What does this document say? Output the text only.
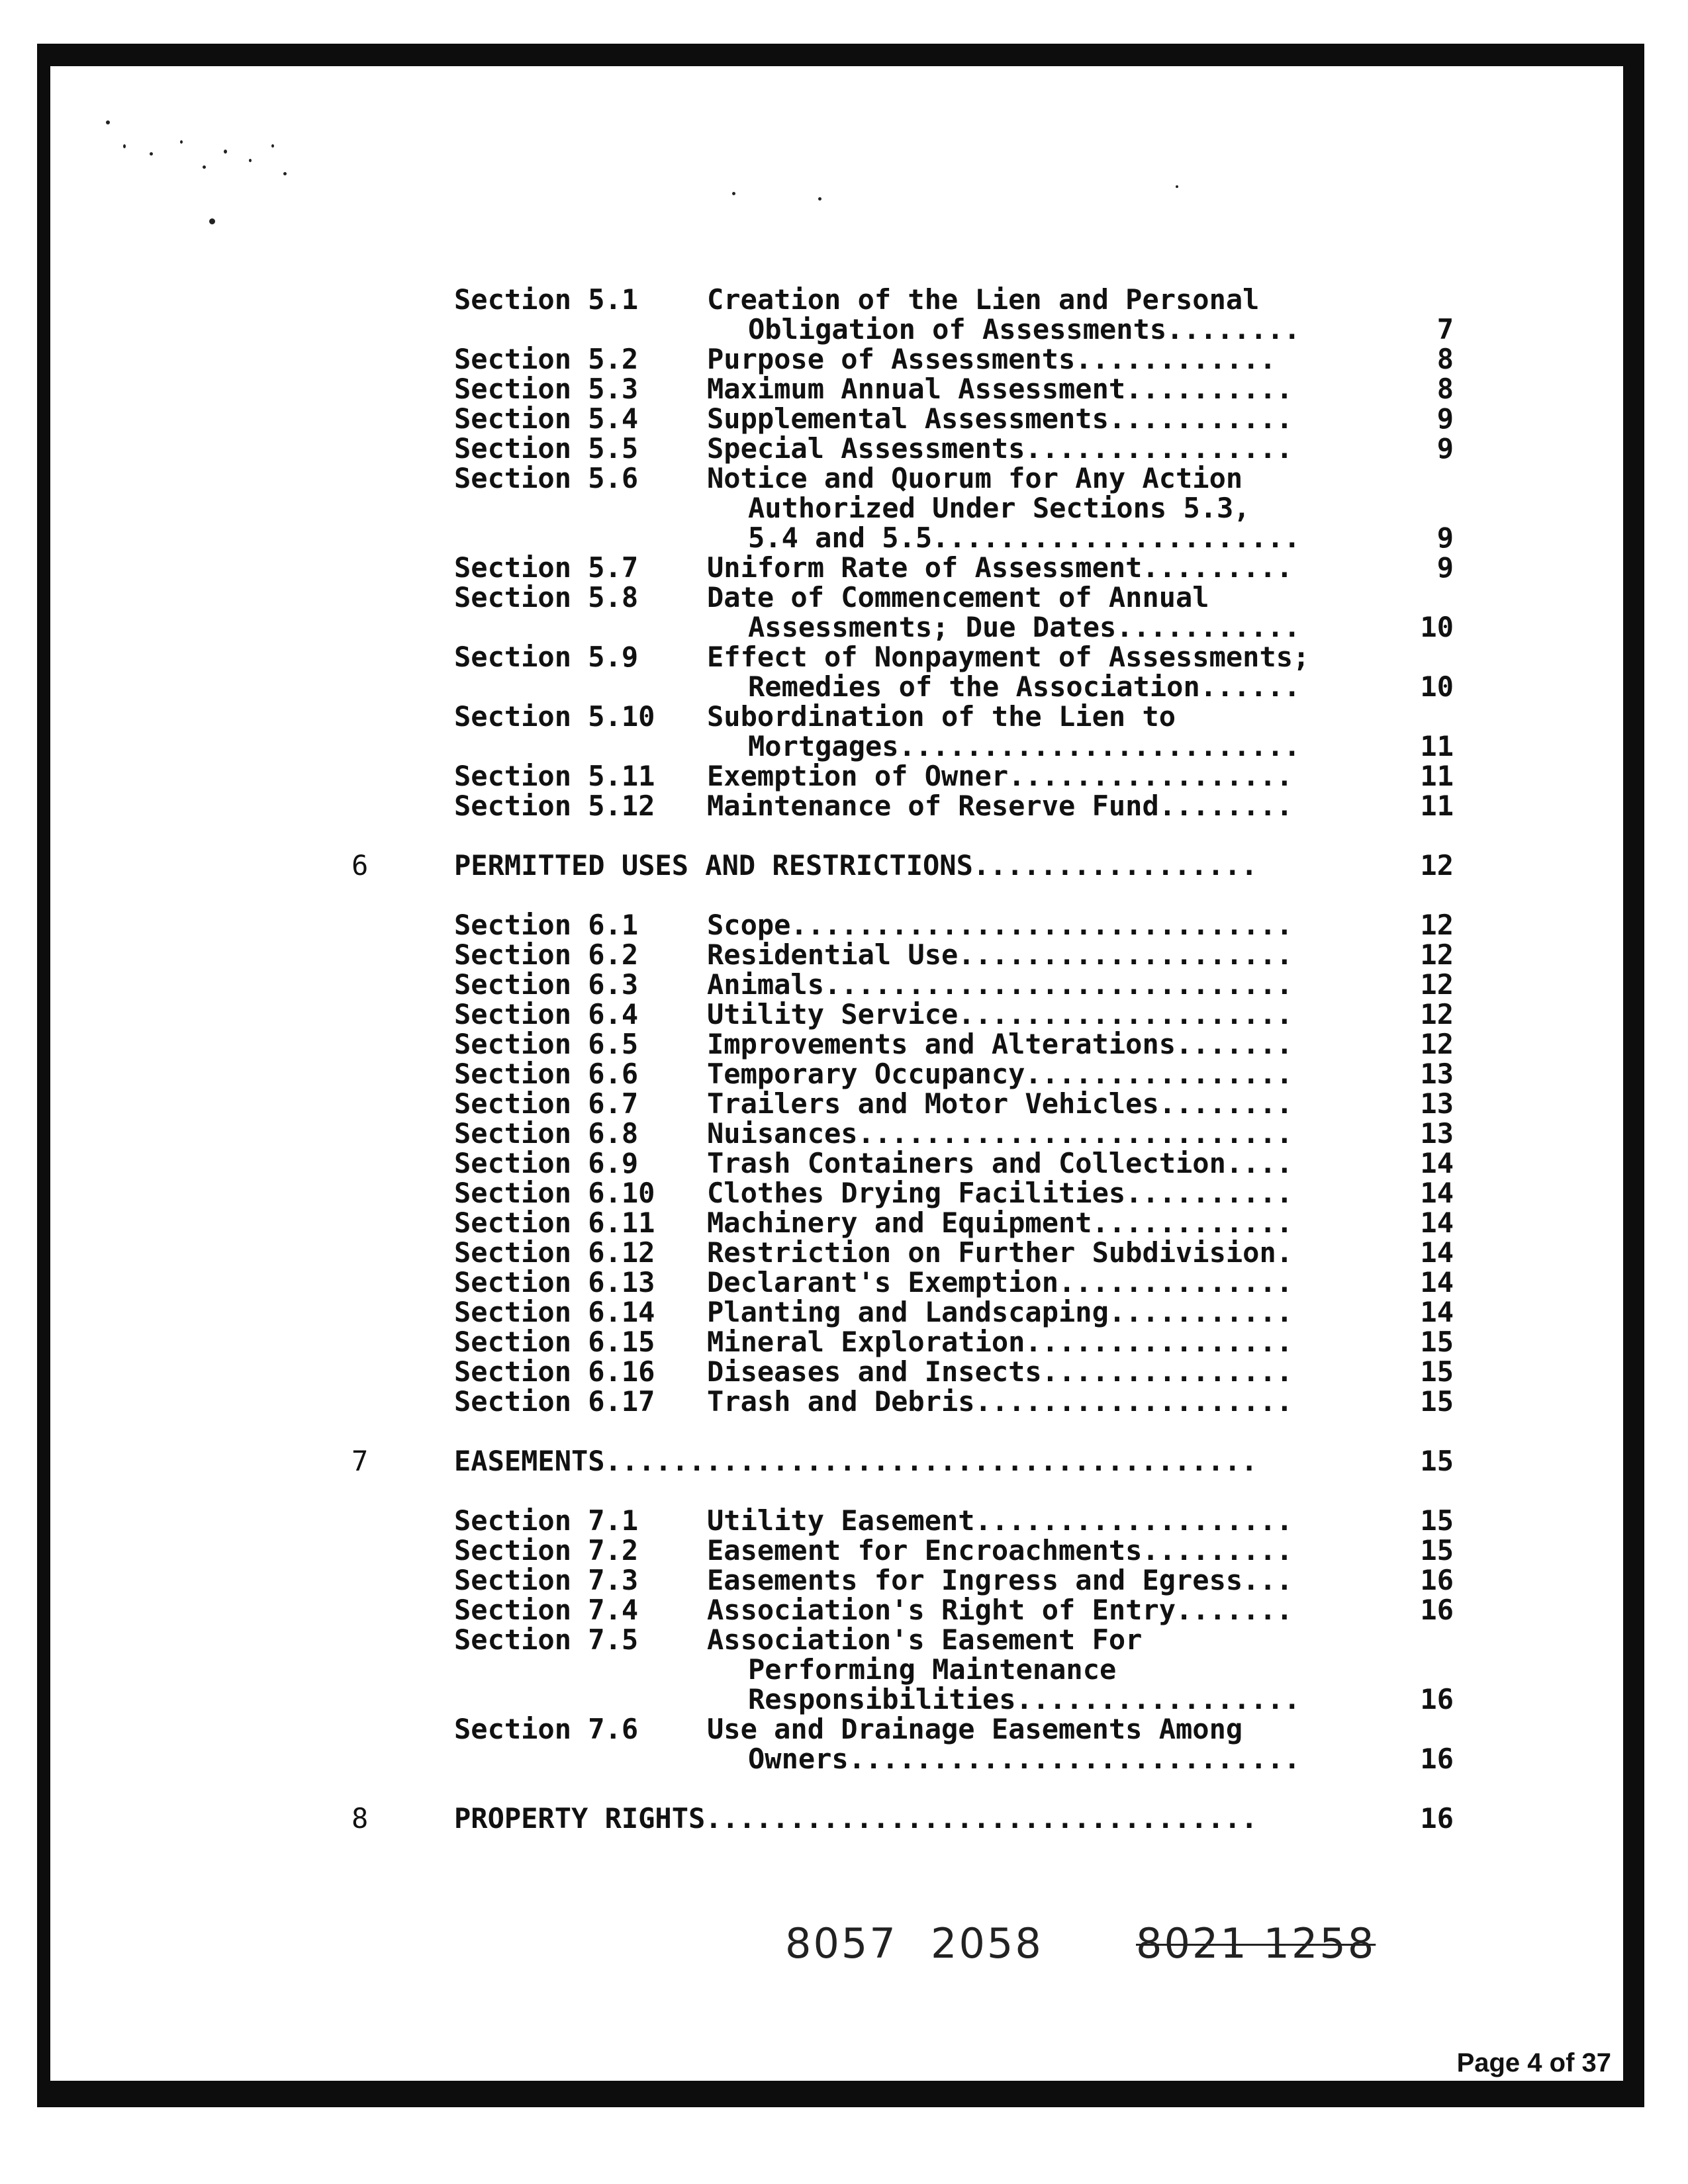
Section 5.1 Creation of the Lien and Personal
Obligation of Assessments........	7
Section 5.2 Purpose of Assessments............	8
Section 5.3 Maximum Annual Assessment..........	8
Section 5.4 Supplemental Assessments...........	9
Section 5.5 Special Assessments................	9
Section 5.6 Notice and Quorum for Any Action
Authorized Under Sections 5.3,
5.4 and 5.5......................	9
Section 5.7 Uniform Rate of Assessment.........	9
Section 5.8 Date of Commencement of Annual
Assessments; Due Dates...........	10
Section 5.9 Effect of Nonpayment of Assessments;
Remedies of the Association......	10
Section 5.10 Subordination of the Lien to
Mortgages........................	11
Section 5.11 Exemption of Owner.................	11
Section 5.12 Maintenance of Reserve Fund........	11
6	PERMITTED USES AND RESTRICTIONS.................	12
Section 6.1 Scope..............................	12
Section 6.2 Residential Use....................	12
Section 6.3 Animals............................	12
Section 6.4 Utility Service....................	12
Section 6.5 Improvements and Alterations.......	12
Section 6.6 Temporary Occupancy................	13
Section 6.7 Trailers and Motor Vehicles........	13
Section 6.8 Nuisances..........................	13
Section 6.9 Trash Containers and Collection....	14
Section 6.10 Clothes Drying Facilities..........	14
Section 6.11 Machinery and Equipment............	14
Section 6.12 Restriction on Further Subdivision.	14
Section 6.13 Declarant's Exemption..............	14
Section 6.14 Planting and Landscaping...........	14
Section 6.15 Mineral Exploration................	15
Section 6.16 Diseases and Insects...............	15
Section 6.17 Trash and Debris...................	15
7	EASEMENTS.......................................	15
Section 7.1 Utility Easement...................	15
Section 7.2 Easement for Encroachments.........	15
Section 7.3 Easements for Ingress and Egress...	16
Section 7.4 Association's Right of Entry.......	16
Section 7.5 Association's Easement For
Performing Maintenance
Responsibilities.................	16
Section 7.6 Use and Drainage Easements Among
Owners...........................	16
8	PROPERTY RIGHTS.................................	16
8057 2058 8021 1258
Page 4 of 37
